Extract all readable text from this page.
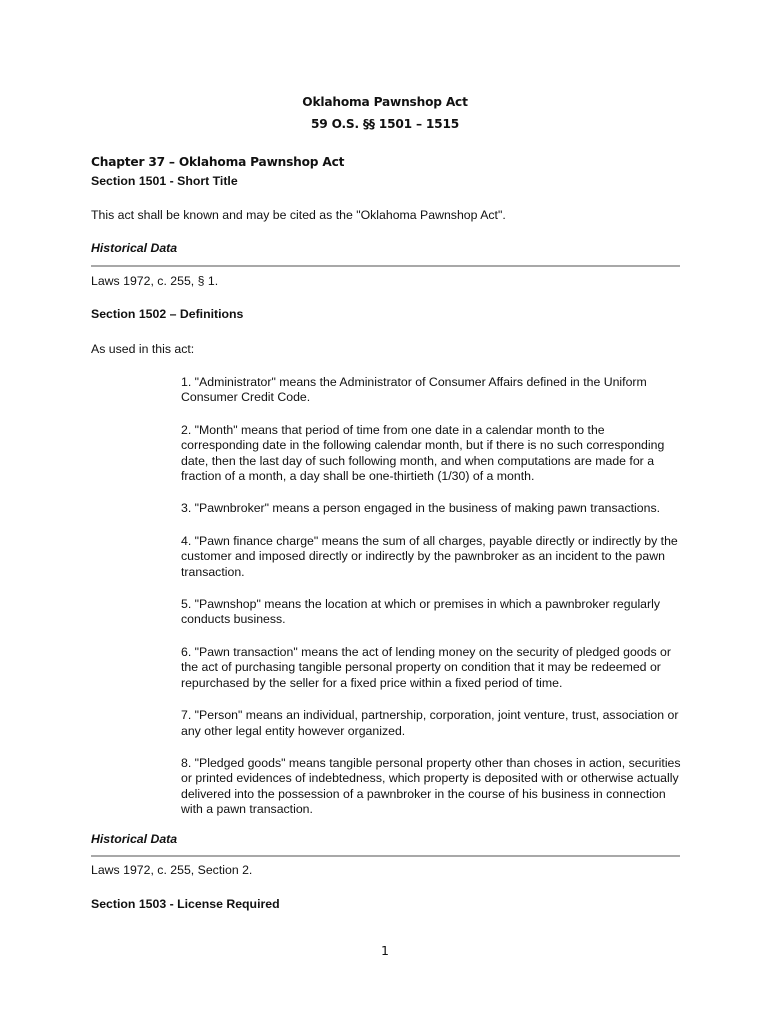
Oklahoma Pawnshop Act
59 O.S. §§ 1501 – 1515
Chapter 37 – Oklahoma Pawnshop Act
Section 1501 - Short Title
This act shall be known and may be cited as the "Oklahoma Pawnshop Act".
Historical Data
Laws 1972, c. 255, § 1.
Section 1502 – Definitions
As used in this act:
1. "Administrator" means the Administrator of Consumer Affairs defined in the Uniform Consumer Credit Code.
2. "Month" means that period of time from one date in a calendar month to the corresponding date in the following calendar month, but if there is no such corresponding date, then the last day of such following month, and when computations are made for a fraction of a month, a day shall be one-thirtieth (1/30) of a month.
3. "Pawnbroker" means a person engaged in the business of making pawn transactions.
4. "Pawn finance charge" means the sum of all charges, payable directly or indirectly by the customer and imposed directly or indirectly by the pawnbroker as an incident to the pawn transaction.
5. "Pawnshop" means the location at which or premises in which a pawnbroker regularly conducts business.
6. "Pawn transaction" means the act of lending money on the security of pledged goods or the act of purchasing tangible personal property on condition that it may be redeemed or repurchased by the seller for a fixed price within a fixed period of time.
7. "Person" means an individual, partnership, corporation, joint venture, trust, association or any other legal entity however organized.
8. "Pledged goods" means tangible personal property other than choses in action, securities or printed evidences of indebtedness, which property is deposited with or otherwise actually delivered into the possession of a pawnbroker in the course of his business in connection with a pawn transaction.
Historical Data
Laws 1972, c. 255, Section 2.
Section 1503 - License Required
1
